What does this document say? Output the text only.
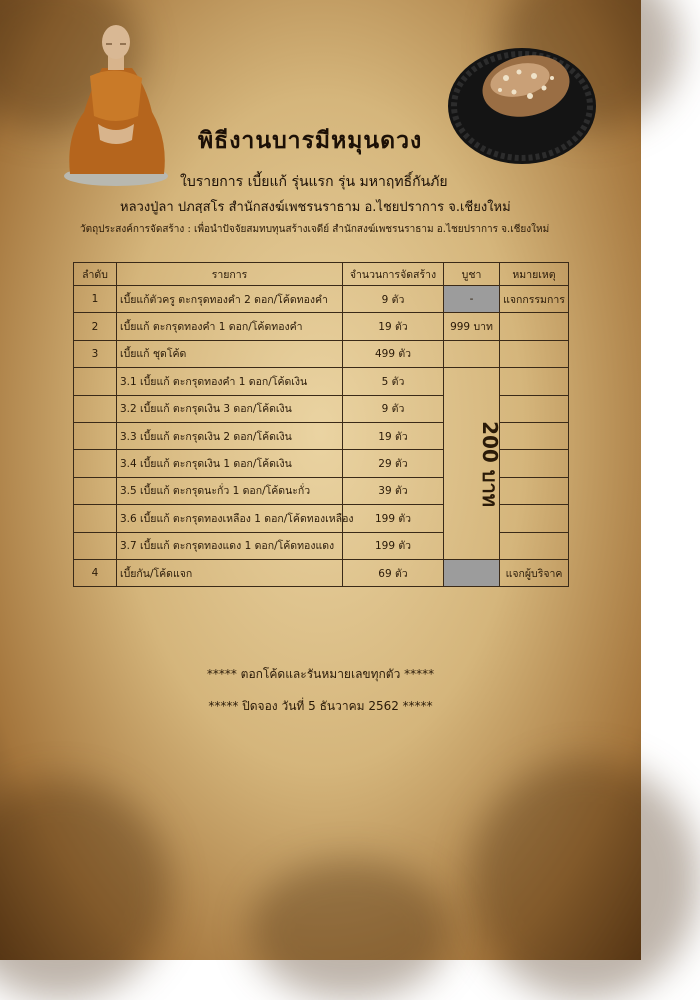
พิธีงานบารมีหมุนดวง
ใบรายการ เบี้ยแก้ รุ่นแรก รุ่น มหาฤทธิ์กันภัย
หลวงปู่ลา ปภสฺสโร สำนักสงฆ์เพชรนราธาม อ.ไชยปราการ จ.เชียงใหม่
วัตถุประสงค์การจัดสร้าง : เพื่อนำปัจจัยสมทบทุนสร้างเจดีย์ สำนักสงฆ์เพชรนราธาม อ.ไชยปราการ จ.เชียงใหม่
ลำดับ	รายการ	จำนวนการจัดสร้าง	บูชา	หมายเหตุ
1	เบี้ยแก้ตัวครู ตะกรุดทองคำ 2 ดอก/โค้ดทองคำ	9 ตัว	-	แจกกรรมการ
2	เบี้ยแก้ ตะกรุดทองคำ 1 ดอก/โค้ดทองคำ	19 ตัว	999 บาท	
3	เบี้ยแก้ ชุดโค้ด	499 ตัว		
	3.1 เบี้ยแก้ ตะกรุดทองคำ 1 ดอก/โค้ดเงิน	5 ตัว	200 บาท	
	3.2 เบี้ยแก้ ตะกรุดเงิน 3 ดอก/โค้ดเงิน	9 ตัว		
	3.3 เบี้ยแก้ ตะกรุดเงิน 2 ดอก/โค้ดเงิน	19 ตัว		
	3.4 เบี้ยแก้ ตะกรุดเงิน 1 ดอก/โค้ดเงิน	29 ตัว		
	3.5 เบี้ยแก้ ตะกรุดนะกั่ว 1 ดอก/โค้ดนะกั่ว	39 ตัว		
	3.6 เบี้ยแก้ ตะกรุดทองเหลือง 1 ดอก/โค้ดทองเหลือง	199 ตัว		
	3.7 เบี้ยแก้ ตะกรุดทองแดง 1 ดอก/โค้ดทองแดง	199 ตัว		
4	เบี้ยกัน/โค้ดแจก	69 ตัว		แจกผู้บริจาค
***** ตอกโค้ดและรันหมายเลขทุกตัว *****
***** ปิดจอง วันที่ 5 ธันวาคม 2562 *****
